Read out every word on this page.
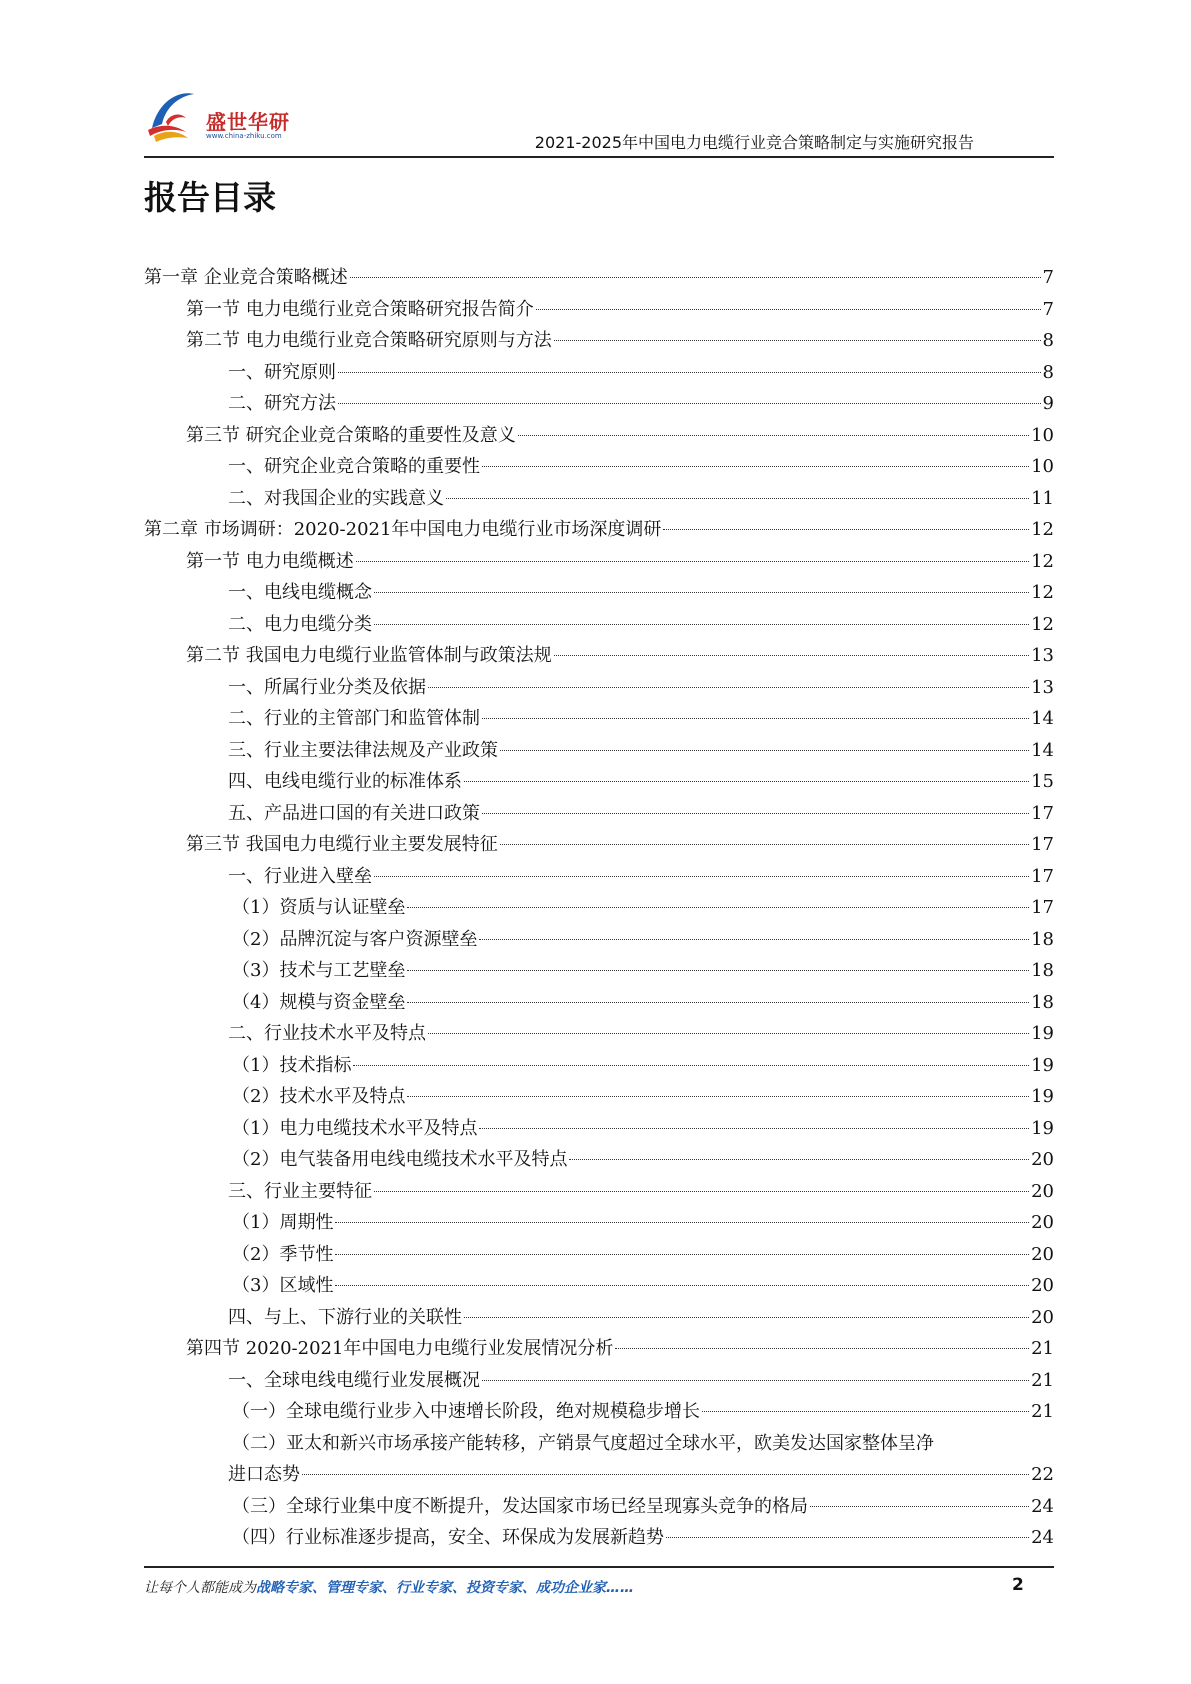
盛世华研
www.china-zhiku.com	2021-2025年中国电力电缆行业竞合策略制定与实施研究报告
报告目录
第一章 企业竞合策略概述	7
第一节 电力电缆行业竞合策略研究报告简介	7
第二节 电力电缆行业竞合策略研究原则与方法	8
一、研究原则	8
二、研究方法	9
第三节 研究企业竞合策略的重要性及意义	10
一、研究企业竞合策略的重要性	10
二、对我国企业的实践意义	11
第二章 市场调研：2020-2021年中国电力电缆行业市场深度调研	12
第一节 电力电缆概述	12
一、电线电缆概念	12
二、电力电缆分类	12
第二节 我国电力电缆行业监管体制与政策法规	13
一、所属行业分类及依据	13
二、行业的主管部门和监管体制	14
三、行业主要法律法规及产业政策	14
四、电线电缆行业的标准体系	15
五、产品进口国的有关进口政策	17
第三节 我国电力电缆行业主要发展特征	17
一、行业进入壁垒	17
（1）资质与认证壁垒	17
（2）品牌沉淀与客户资源壁垒	18
（3）技术与工艺壁垒	18
（4）规模与资金壁垒	18
二、行业技术水平及特点	19
（1）技术指标	19
（2）技术水平及特点	19
（1）电力电缆技术水平及特点	19
（2）电气装备用电线电缆技术水平及特点	20
三、行业主要特征	20
（1）周期性	20
（2）季节性	20
（3）区域性	20
四、与上、下游行业的关联性	20
第四节 2020-2021年中国电力电缆行业发展情况分析	21
一、全球电线电缆行业发展概况	21
（一）全球电缆行业步入中速增长阶段，绝对规模稳步增长	21
（二）亚太和新兴市场承接产能转移，产销景气度超过全球水平，欧美发达国家整体呈净
进口态势	22
（三）全球行业集中度不断提升，发达国家市场已经呈现寡头竞争的格局	24
（四）行业标准逐步提高，安全、环保成为发展新趋势	24
让每个人都能成为战略专家、管理专家、行业专家、投资专家、成功企业家……	2
